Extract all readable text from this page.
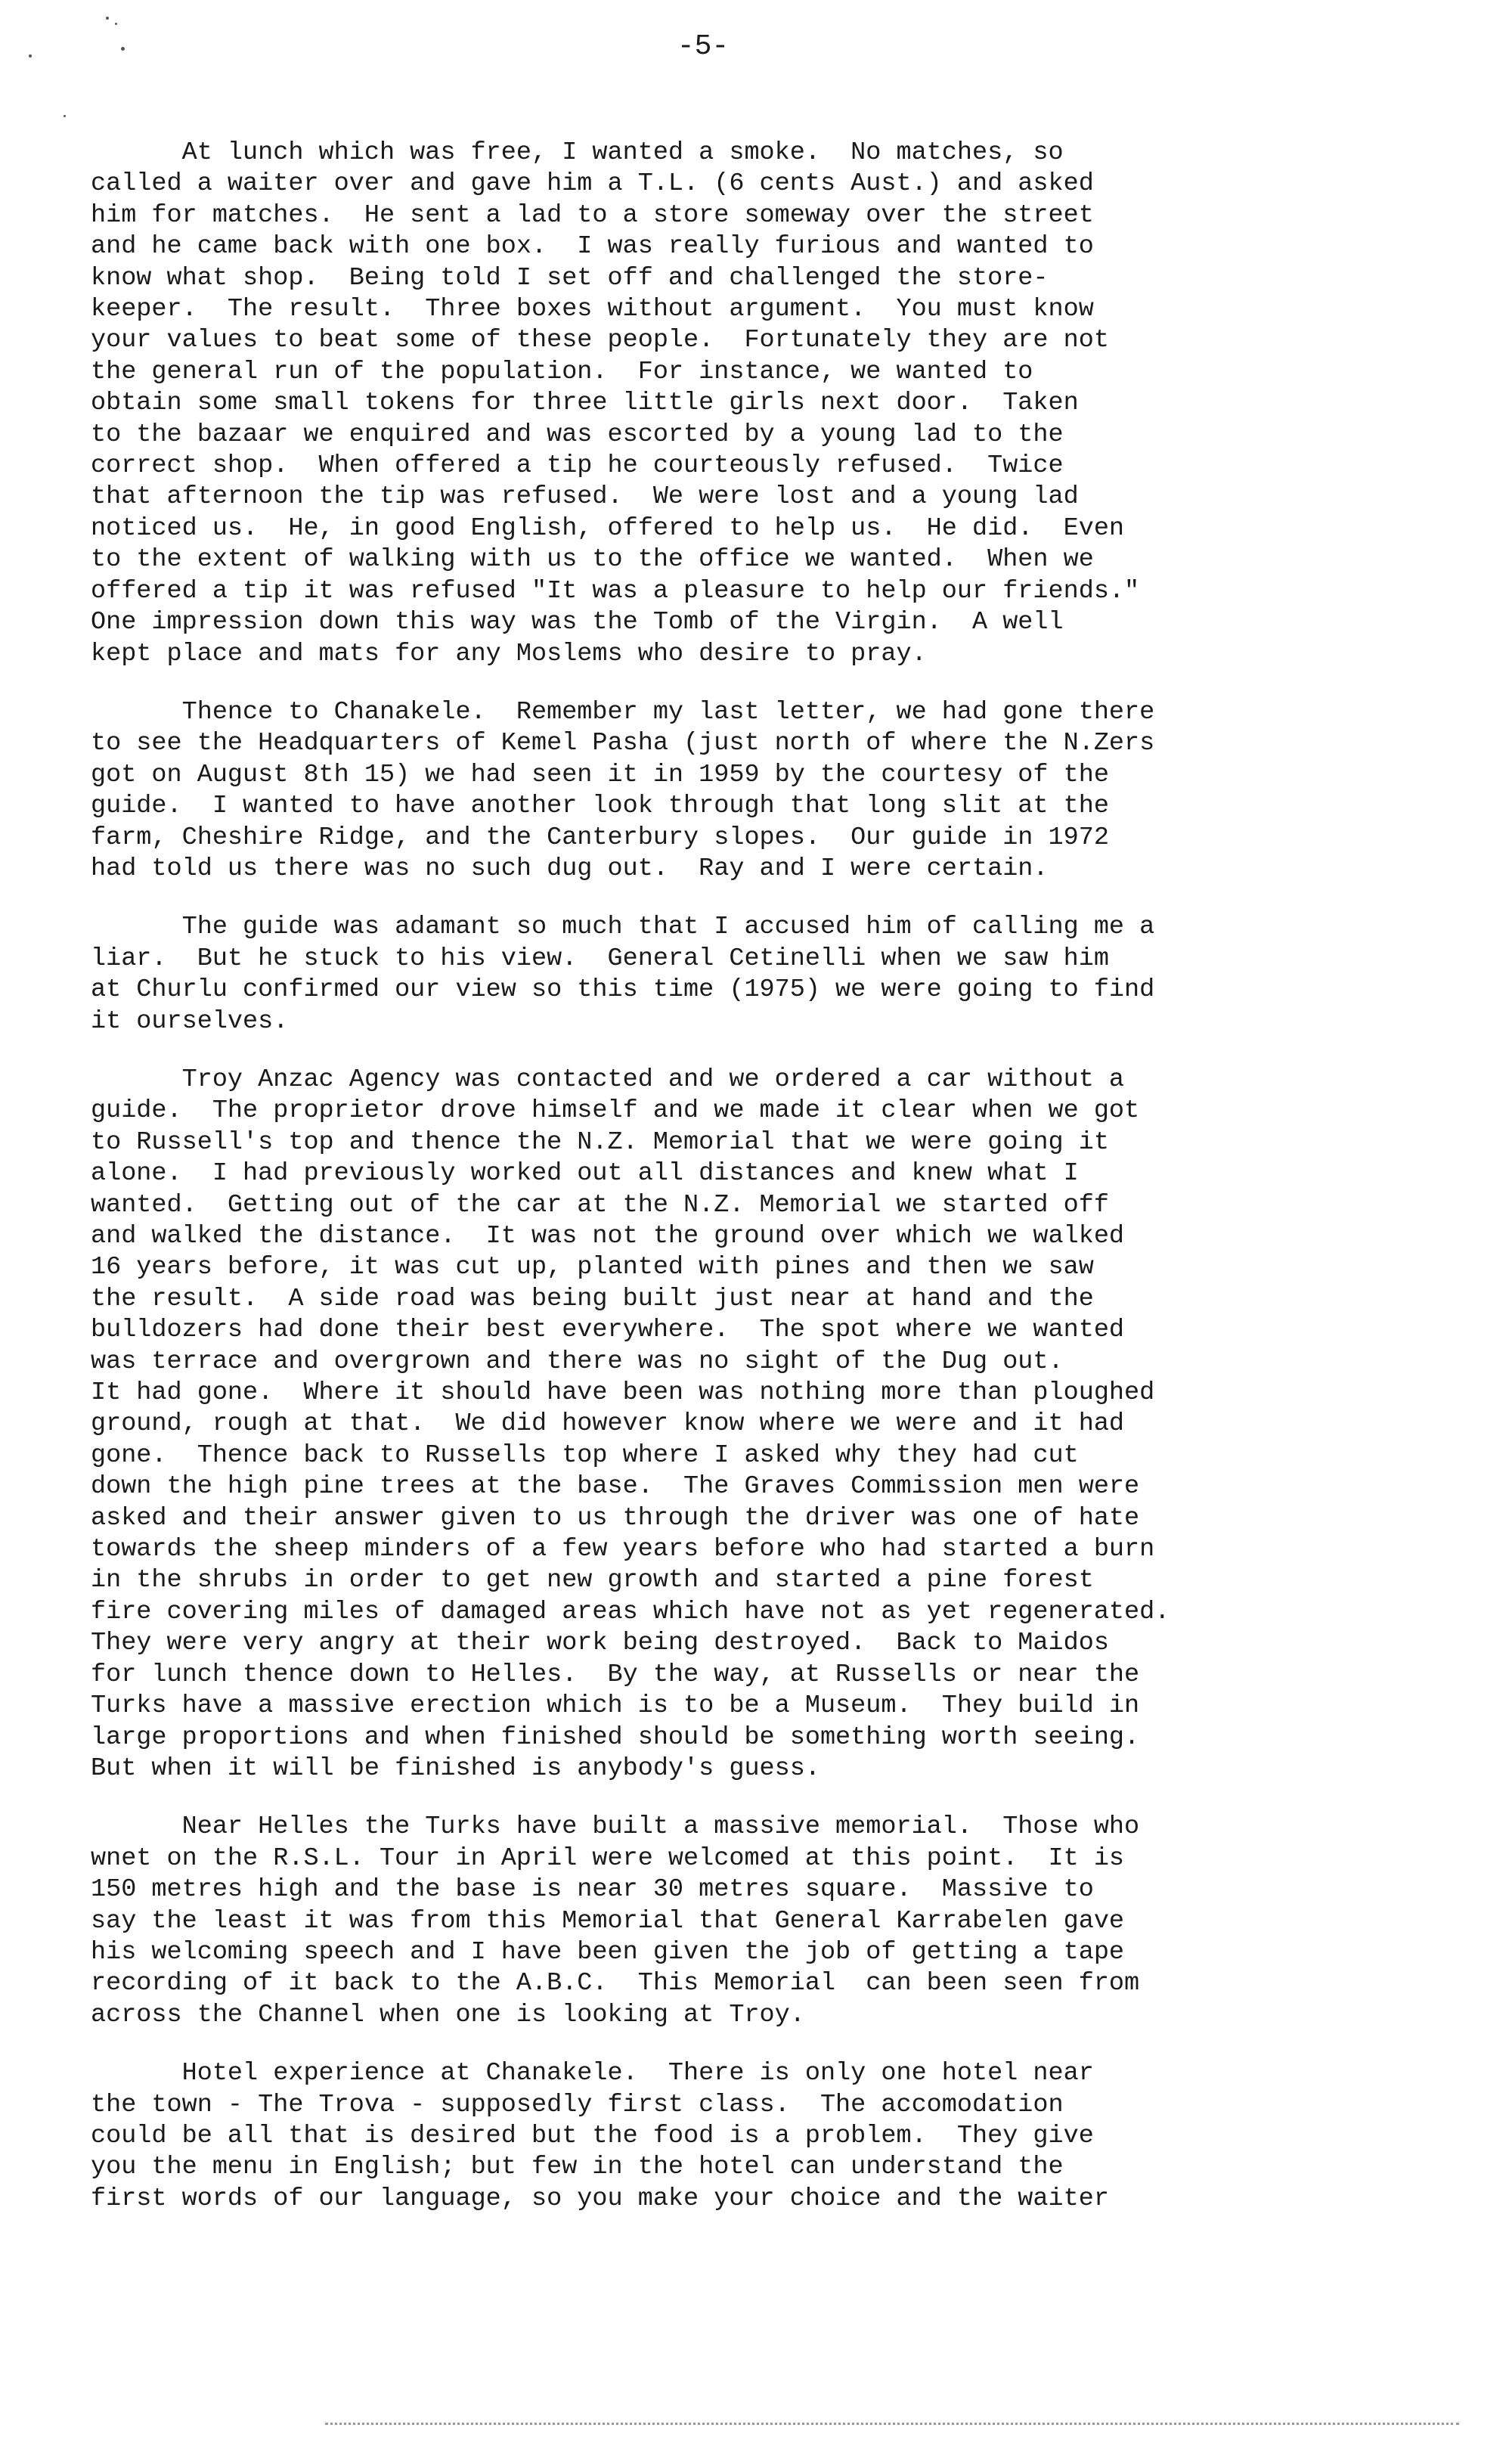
-5-

At lunch which was free, I wanted a smoke.  No matches, so
called a waiter over and gave him a T.L. (6 cents Aust.) and asked
him for matches.  He sent a lad to a store someway over the street
and he came back with one box.  I was really furious and wanted to
know what shop.  Being told I set off and challenged the store-
keeper.  The result.  Three boxes without argument.  You must know
your values to beat some of these people.  Fortunately they are not
the general run of the population.  For instance, we wanted to
obtain some small tokens for three little girls next door.  Taken
to the bazaar we enquired and was escorted by a young lad to the
correct shop.  When offered a tip he courteously refused.  Twice
that afternoon the tip was refused.  We were lost and a young lad
noticed us.  He, in good English, offered to help us.  He did.  Even
to the extent of walking with us to the office we wanted.  When we
offered a tip it was refused "It was a pleasure to help our friends."
One impression down this way was the Tomb of the Virgin.  A well
kept place and mats for any Moslems who desire to pray.

Thence to Chanakele.  Remember my last letter, we had gone there
to see the Headquarters of Kemel Pasha (just north of where the N.Zers
got on August 8th 15) we had seen it in 1959 by the courtesy of the
guide.  I wanted to have another look through that long slit at the
farm, Cheshire Ridge, and the Canterbury slopes.  Our guide in 1972
had told us there was no such dug out.  Ray and I were certain.

The guide was adamant so much that I accused him of calling me a
liar.  But he stuck to his view.  General Cetinelli when we saw him
at Churlu confirmed our view so this time (1975) we were going to find
it ourselves.

Troy Anzac Agency was contacted and we ordered a car without a
guide.  The proprietor drove himself and we made it clear when we got
to Russell's top and thence the N.Z. Memorial that we were going it
alone.  I had previously worked out all distances and knew what I
wanted.  Getting out of the car at the N.Z. Memorial we started off
and walked the distance.  It was not the ground over which we walked
16 years before, it was cut up, planted with pines and then we saw
the result.  A side road was being built just near at hand and the
bulldozers had done their best everywhere.  The spot where we wanted
was terrace and overgrown and there was no sight of the Dug out.
It had gone.  Where it should have been was nothing more than ploughed
ground, rough at that.  We did however know where we were and it had
gone.  Thence back to Russells top where I asked why they had cut
down the high pine trees at the base.  The Graves Commission men were
asked and their answer given to us through the driver was one of hate
towards the sheep minders of a few years before who had started a burn
in the shrubs in order to get new growth and started a pine forest
fire covering miles of damaged areas which have not as yet regenerated.
They were very angry at their work being destroyed.  Back to Maidos
for lunch thence down to Helles.  By the way, at Russells or near the
Turks have a massive erection which is to be a Museum.  They build in
large proportions and when finished should be something worth seeing.
But when it will be finished is anybody's guess.

Near Helles the Turks have built a massive memorial.  Those who
wnet on the R.S.L. Tour in April were welcomed at this point.  It is
150 metres high and the base is near 30 metres square.  Massive to
say the least it was from this Memorial that General Karrabelen gave
his welcoming speech and I have been given the job of getting a tape
recording of it back to the A.B.C.  This Memorial  can been seen from
across the Channel when one is looking at Troy.

Hotel experience at Chanakele.  There is only one hotel near
the town - The Trova - supposedly first class.  The accomodation
could be all that is desired but the food is a problem.  They give
you the menu in English; but few in the hotel can understand the
first words of our language, so you make your choice and the waiter
